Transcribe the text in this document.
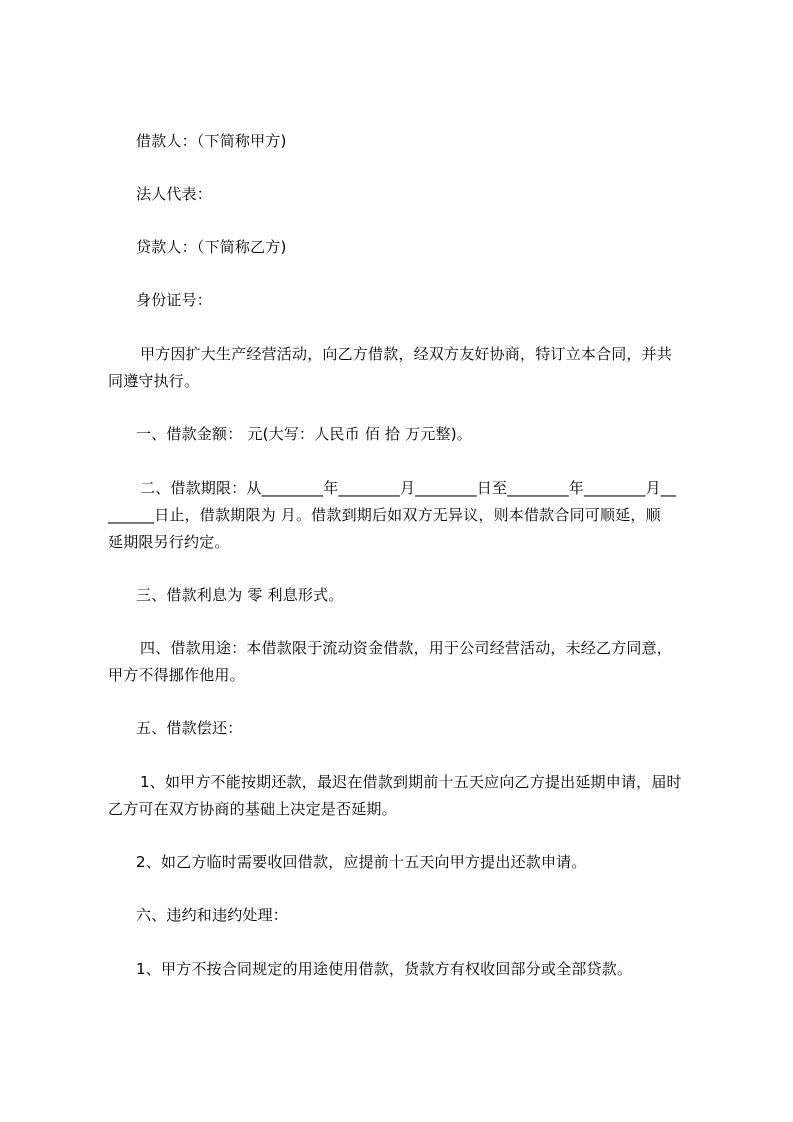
借款人：（下简称甲方)
法人代表：
贷款人：（下简称乙方)
身份证号：
甲方因扩大生产经营活动，向乙方借款，经双方友好协商，特订立本合同，并共
同遵守执行。
一、借款金额： 元(大写：人民币 佰 拾 万元整)。
二、借款期限：从________年________月________日至________年________月__
______日止，借款期限为 月。借款到期后如双方无异议，则本借款合同可顺延，顺
延期限另行约定。
三、借款利息为 零 利息形式。
四、借款用途：本借款限于流动资金借款，用于公司经营活动，未经乙方同意，
甲方不得挪作他用。
五、借款偿还：
1、如甲方不能按期还款，最迟在借款到期前十五天应向乙方提出延期申请，届时
乙方可在双方协商的基础上决定是否延期。
2、如乙方临时需要收回借款，应提前十五天向甲方提出还款申请。
六、违约和违约处理：
1、甲方不按合同规定的用途使用借款，货款方有权收回部分或全部贷款。
